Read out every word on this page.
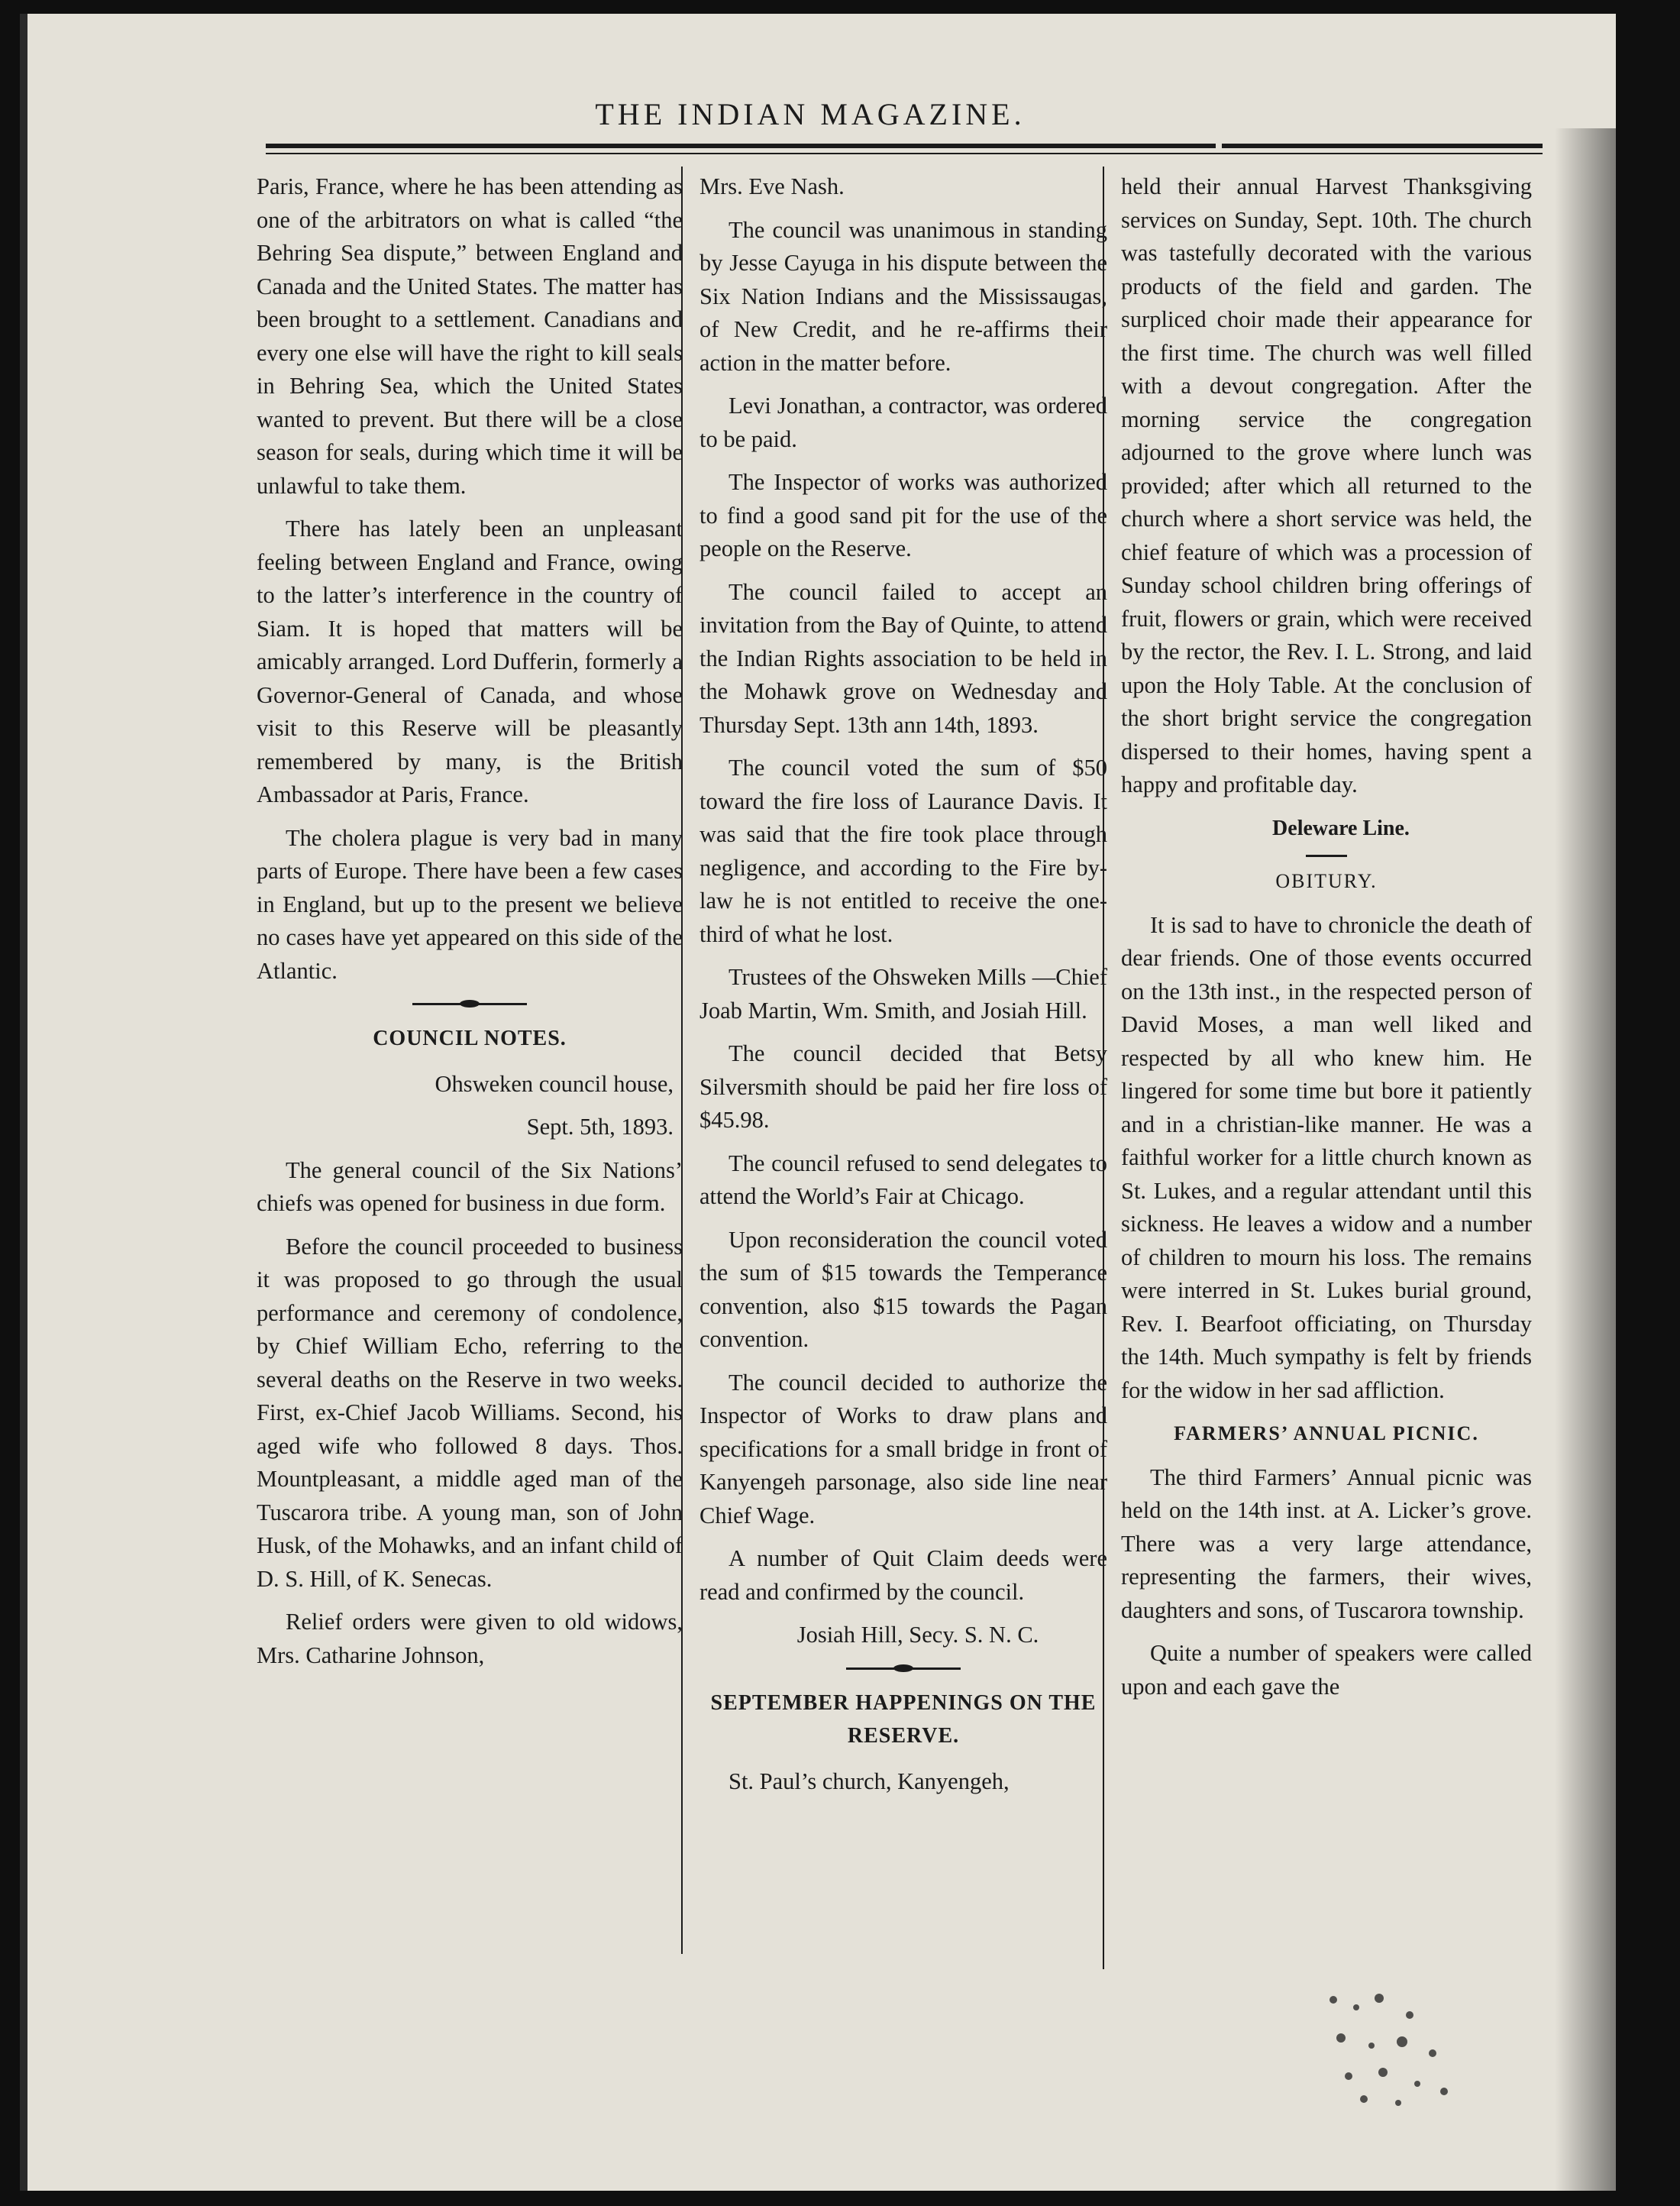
THE INDIAN MAGAZINE.

Paris, France, where he has been attending as one of the arbitrators on what is called “the Behring Sea dispute,” between England and Canada and the United States. The matter has been brought to a settlement. Canadians and every one else will have the right to kill seals in Behring Sea, which the United States wanted to prevent. But there will be a close season for seals, during which time it will be unlawful to take them.

There has lately been an unpleasant feeling between England and France, owing to the latter’s interference in the country of Siam. It is hoped that matters will be amicably arranged. Lord Dufferin, formerly a Governor-General of Canada, and whose visit to this Reserve will be pleasantly remembered by many, is the British Ambassador at Paris, France.

The cholera plague is very bad in many parts of Europe. There have been a few cases in England, but up to the present we believe no cases have yet appeared on this side of the Atlantic.

COUNCIL NOTES.

Ohsweken council house,

Sept. 5th, 1893.

The general council of the Six Nations’ chiefs was opened for business in due form.

Before the council proceeded to business it was proposed to go through the usual performance and ceremony of condolence, by Chief William Echo, referring to the several deaths on the Reserve in two weeks. First, ex-Chief Jacob Williams. Second, his aged wife who followed 8 days. Thos. Mountpleasant, a middle aged man of the Tuscarora tribe. A young man, son of John Husk, of the Mohawks, and an infant child of D. S. Hill, of K. Senecas.

Relief orders were given to old widows, Mrs. Catharine Johnson,

Mrs. Eve Nash.

The council was unanimous in standing by Jesse Cayuga in his dispute between the Six Nation Indians and the Mississaugas, of New Credit, and he re-affirms their action in the matter before.

Levi Jonathan, a contractor, was ordered to be paid.

The Inspector of works was authorized to find a good sand pit for the use of the people on the Reserve.

The council failed to accept an invitation from the Bay of Quinte, to attend the Indian Rights association to be held in the Mohawk grove on Wednesday and Thursday Sept. 13th ann 14th, 1893.

The council voted the sum of $50 toward the fire loss of Laurance Davis. It was said that the fire took place through negligence, and according to the Fire by-law he is not entitled to receive the one-third of what he lost.

Trustees of the Ohsweken Mills —Chief Joab Martin, Wm. Smith, and Josiah Hill.

The council decided that Betsy Silversmith should be paid her fire loss of $45.98.

The council refused to send delegates to attend the World’s Fair at Chicago.

Upon reconsideration the council voted the sum of $15 towards the Temperance convention, also $15 towards the Pagan convention.

The council decided to authorize the Inspector of Works to draw plans and specifications for a small bridge in front of Kanyengeh parsonage, also side line near Chief Wage.

A number of Quit Claim deeds were read and confirmed by the council.

Josiah Hill, Secy. S. N. C.

SEPTEMBER HAPPENINGS ON THE RESERVE.

St. Paul’s church, Kanyengeh,

held their annual Harvest Thanksgiving services on Sunday, Sept. 10th. The church was tastefully decorated with the various products of the field and garden. The surpliced choir made their appearance for the first time. The church was well filled with a devout congregation. After the morning service the congregation adjourned to the grove where lunch was provided; after which all returned to the church where a short service was held, the chief feature of which was a procession of Sunday school children bring offerings of fruit, flowers or grain, which were received by the rector, the Rev. I. L. Strong, and laid upon the Holy Table. At the conclusion of the short bright service the congregation dispersed to their homes, having spent a happy and profitable day.

Deleware Line.

OBITURY.

It is sad to have to chronicle the death of dear friends. One of those events occurred on the 13th inst., in the respected person of David Moses, a man well liked and respected by all who knew him. He lingered for some time but bore it patiently and in a christian-like manner. He was a faithful worker for a little church known as St. Lukes, and a regular attendant until this sickness. He leaves a widow and a number of children to mourn his loss. The remains were interred in St. Lukes burial ground, Rev. I. Bearfoot officiating, on Thursday the 14th. Much sympathy is felt by friends for the widow in her sad affliction.

FARMERS’ ANNUAL PICNIC.

The third Farmers’ Annual picnic was held on the 14th inst. at A. Licker’s grove. There was a very large attendance, representing the farmers, their wives, daughters and sons, of Tuscarora township.

Quite a number of speakers were called upon and each gave the
